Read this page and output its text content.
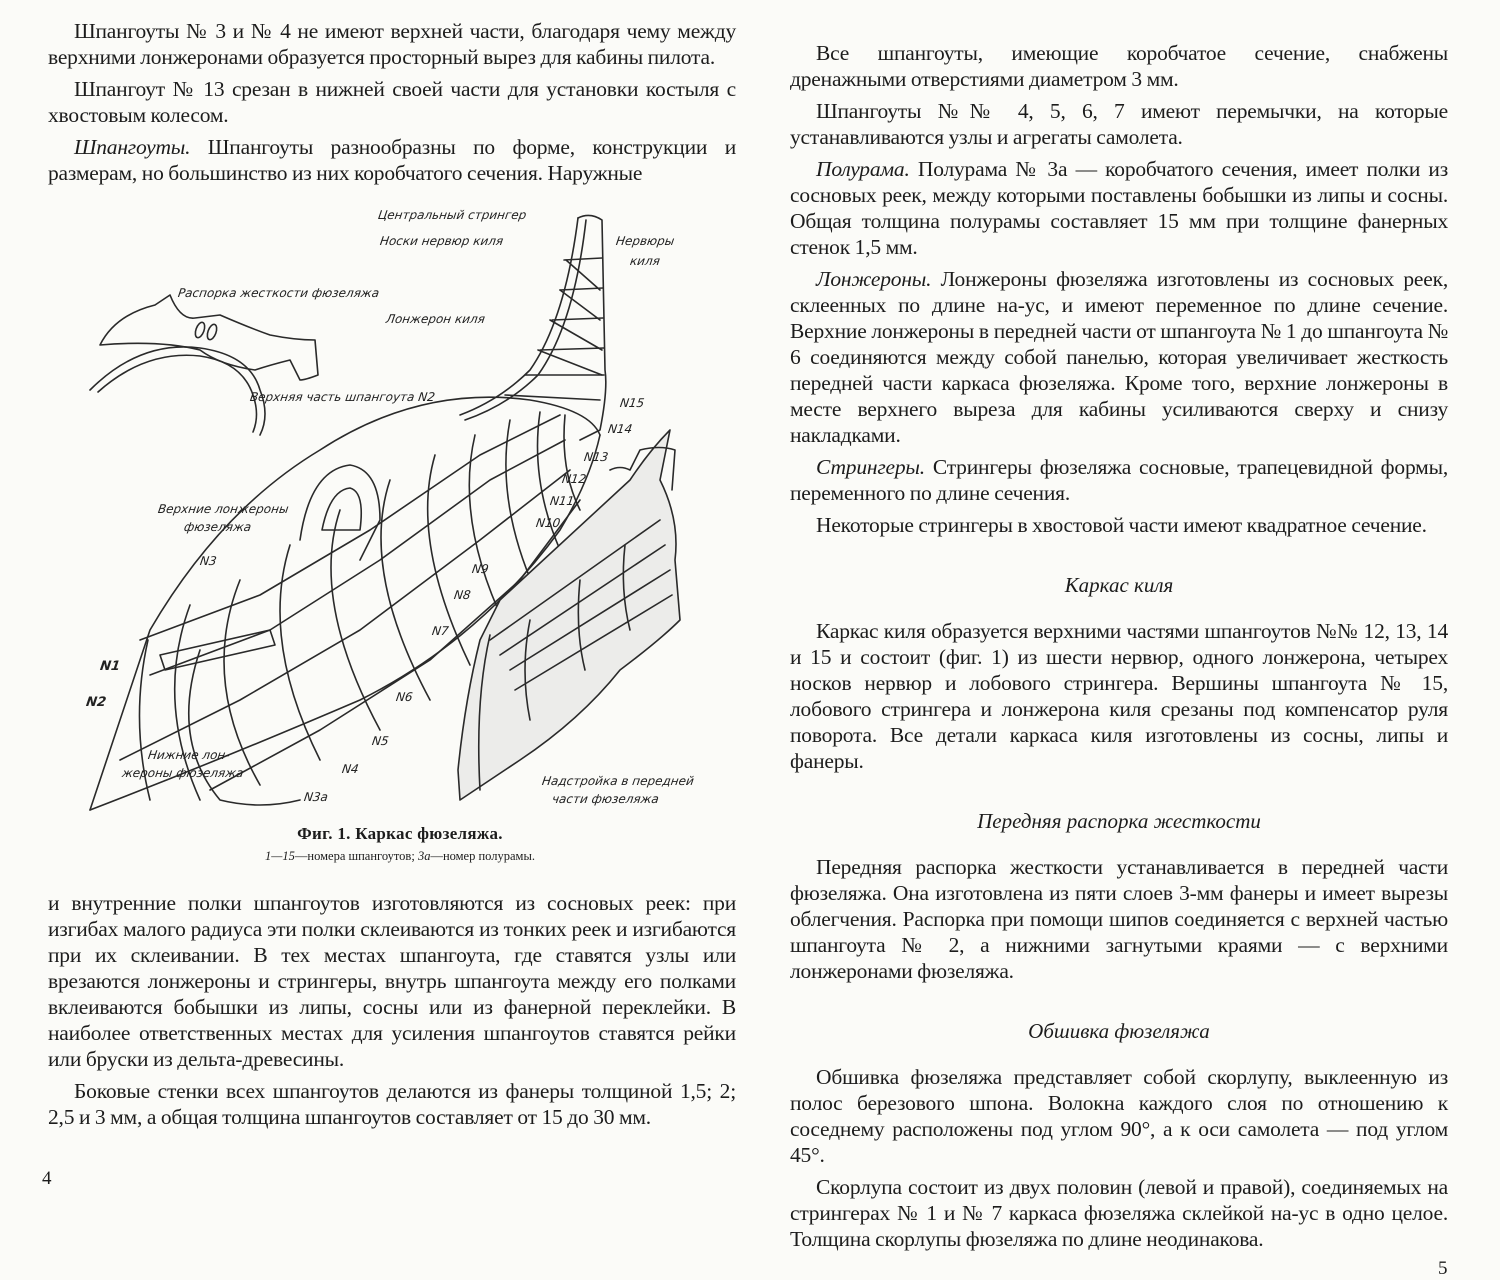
Шпангоуты № 3 и № 4 не имеют верхней части, благодаря чему между верхними лонжеронами образуется просторный вырез для кабины пилота.

Шпангоут № 13 срезан в нижней своей части для установки костыля с хвостовым колесом.

Шпангоуты. Шпангоуты разнообразны по форме, конструкции и размерам, но большинство из них коробчатого сечения. Наружные

Центральный стрингер
Носки нервюр киля	Нервюры
киля
Распорка жесткости фюзеляжа
Лонжерон киля
Верхняя часть шпангоута N2	N15
N14
N13
N12
N11
N10
Верхние лонжероны
фюзеляжа
N3
N9
N8
N7
N1
N6
N2
N5
Нижние лон-
N4
жероны фюзеляжа
Надстройка в передней
N3a	части фюзеляжа
Фиг. 1. Каркас фюзеляжа.
1—15—номера шпангоутов; 3а—номер полурамы.

и внутренние полки шпангоутов изготовляются из сосновых реек: при изгибах малого радиуса эти полки склеиваются из тонких реек и изгибаются при их склеивании. В тех местах шпангоута, где ставятся узлы или врезаются лонжероны и стрингеры, внутрь шпангоута между его полками вклеиваются бобышки из липы, сосны или из фанерной переклейки. В наиболее ответственных местах для усиления шпангоутов ставятся рейки или бруски из дельта-древесины.

Боковые стенки всех шпангоутов делаются из фанеры толщиной 1,5; 2; 2,5 и 3 мм, а общая толщина шпангоутов составляет от 15 до 30 мм.

4

Все шпангоуты, имеющие коробчатое сечение, снабжены дренажными отверстиями диаметром 3 мм.

Шпангоуты №№ 4, 5, 6, 7 имеют перемычки, на которые устанавливаются узлы и агрегаты самолета.

Полурама. Полурама № 3а — коробчатого сечения, имеет полки из сосновых реек, между которыми поставлены бобышки из липы и сосны. Общая толщина полурамы составляет 15 мм при толщине фанерных стенок 1,5 мм.

Лонжероны. Лонжероны фюзеляжа изготовлены из сосновых реек, склеенных по длине на-ус, и имеют переменное по длине сечение. Верхние лонжероны в передней части от шпангоута № 1 до шпангоута № 6 соединяются между собой панелью, которая увеличивает жесткость передней части каркаса фюзеляжа. Кроме того, верхние лонжероны в месте верхнего выреза для кабины усиливаются сверху и снизу накладками.

Стрингеры. Стрингеры фюзеляжа сосновые, трапецевидной формы, переменного по длине сечения.

Некоторые стрингеры в хвостовой части имеют квадратное сечение.

Каркас киля

Каркас киля образуется верхними частями шпангоутов №№ 12, 13, 14 и 15 и состоит (фиг. 1) из шести нервюр, одного лонжерона, четырех носков нервюр и лобового стрингера. Вершины шпангоута № 15, лобового стрингера и лонжерона киля срезаны под компенсатор руля поворота. Все детали каркаса киля изготовлены из сосны, липы и фанеры.

Передняя распорка жесткости

Передняя распорка жесткости устанавливается в передней части фюзеляжа. Она изготовлена из пяти слоев 3-мм фанеры и имеет вырезы облегчения. Распорка при помощи шипов соединяется с верхней частью шпангоута № 2, а нижними загнутыми краями — с верхними лонжеронами фюзеляжа.

Обшивка фюзеляжа

Обшивка фюзеляжа представляет собой скорлупу, выклеенную из полос березового шпона. Волокна каждого слоя по отношению к соседнему расположены под углом 90°, а к оси самолета — под углом 45°.

Скорлупа состоит из двух половин (левой и правой), соединяемых на стрингерах № 1 и № 7 каркаса фюзеляжа склейкой на-ус в одно целое. Толщина скорлупы фюзеляжа по длине неодинакова.

5
